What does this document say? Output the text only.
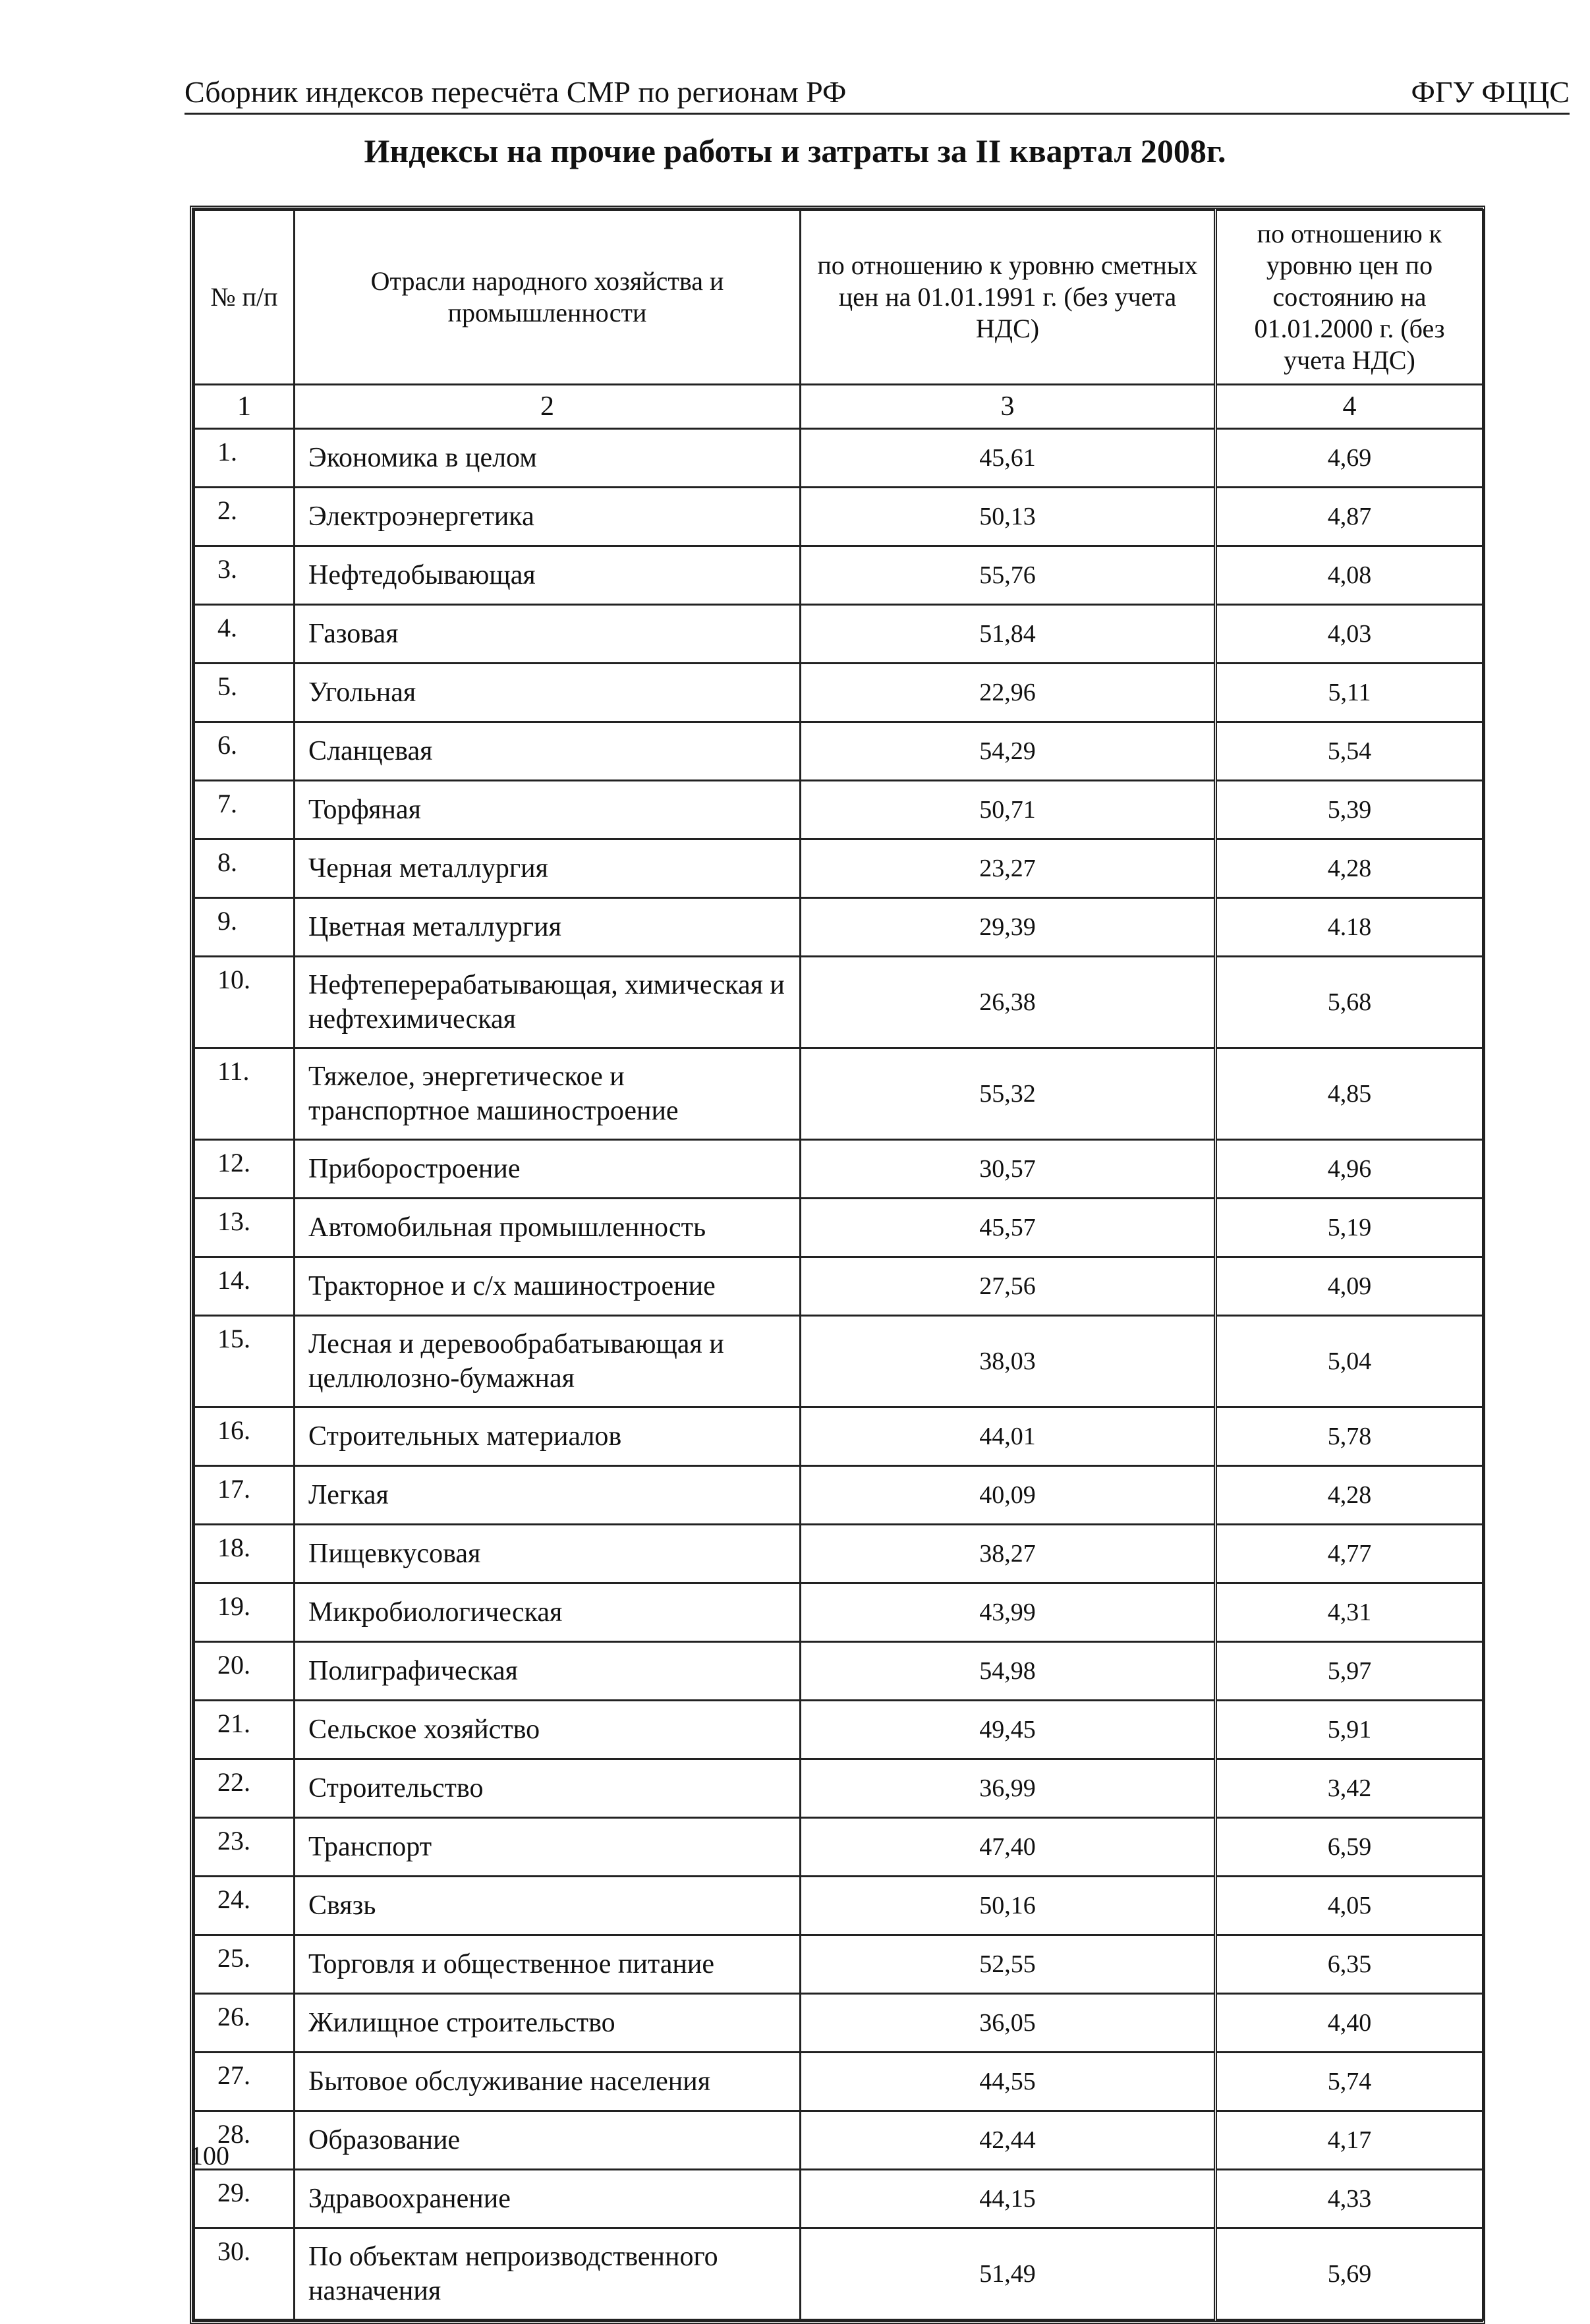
Сборник индексов пересчёта СМР по регионам РФ	ФГУ ФЦЦС
Индексы на прочие работы и затраты за II квартал 2008г.
№ п/п	Отрасли народного хозяйства и промышленности	по отношению к уровню сметных цен на 01.01.1991 г. (без учета НДС)	по отношению к уровню цен по состоянию на 01.01.2000 г. (без учета НДС)
1	2	3	4
1.	Экономика в целом	45,61	4,69
2.	Электроэнергетика	50,13	4,87
3.	Нефтедобывающая	55,76	4,08
4.	Газовая	51,84	4,03
5.	Угольная	22,96	5,11
6.	Сланцевая	54,29	5,54
7.	Торфяная	50,71	5,39
8.	Черная металлургия	23,27	4,28
9.	Цветная металлургия	29,39	4.18
10.	Нефтеперерабатывающая, химическая и нефтехимическая	26,38	5,68
11.	Тяжелое, энергетическое и транспортное машиностроение	55,32	4,85
12.	Приборостроение	30,57	4,96
13.	Автомобильная промышленность	45,57	5,19
14.	Тракторное и с/х машиностроение	27,56	4,09
15.	Лесная и деревообрабатывающая и целлюлозно-бумажная	38,03	5,04
16.	Строительных материалов	44,01	5,78
17.	Легкая	40,09	4,28
18.	Пищевкусовая	38,27	4,77
19.	Микробиологическая	43,99	4,31
20.	Полиграфическая	54,98	5,97
21.	Сельское хозяйство	49,45	5,91
22.	Строительство	36,99	3,42
23.	Транспорт	47,40	6,59
24.	Связь	50,16	4,05
25.	Торговля и общественное питание	52,55	6,35
26.	Жилищное строительство	36,05	4,40
27.	Бытовое обслуживание населения	44,55	5,74
28.	Образование	42,44	4,17
29.	Здравоохранение	44,15	4,33
30.	По объектам непроизводственного назначения	51,49	5,69
100
